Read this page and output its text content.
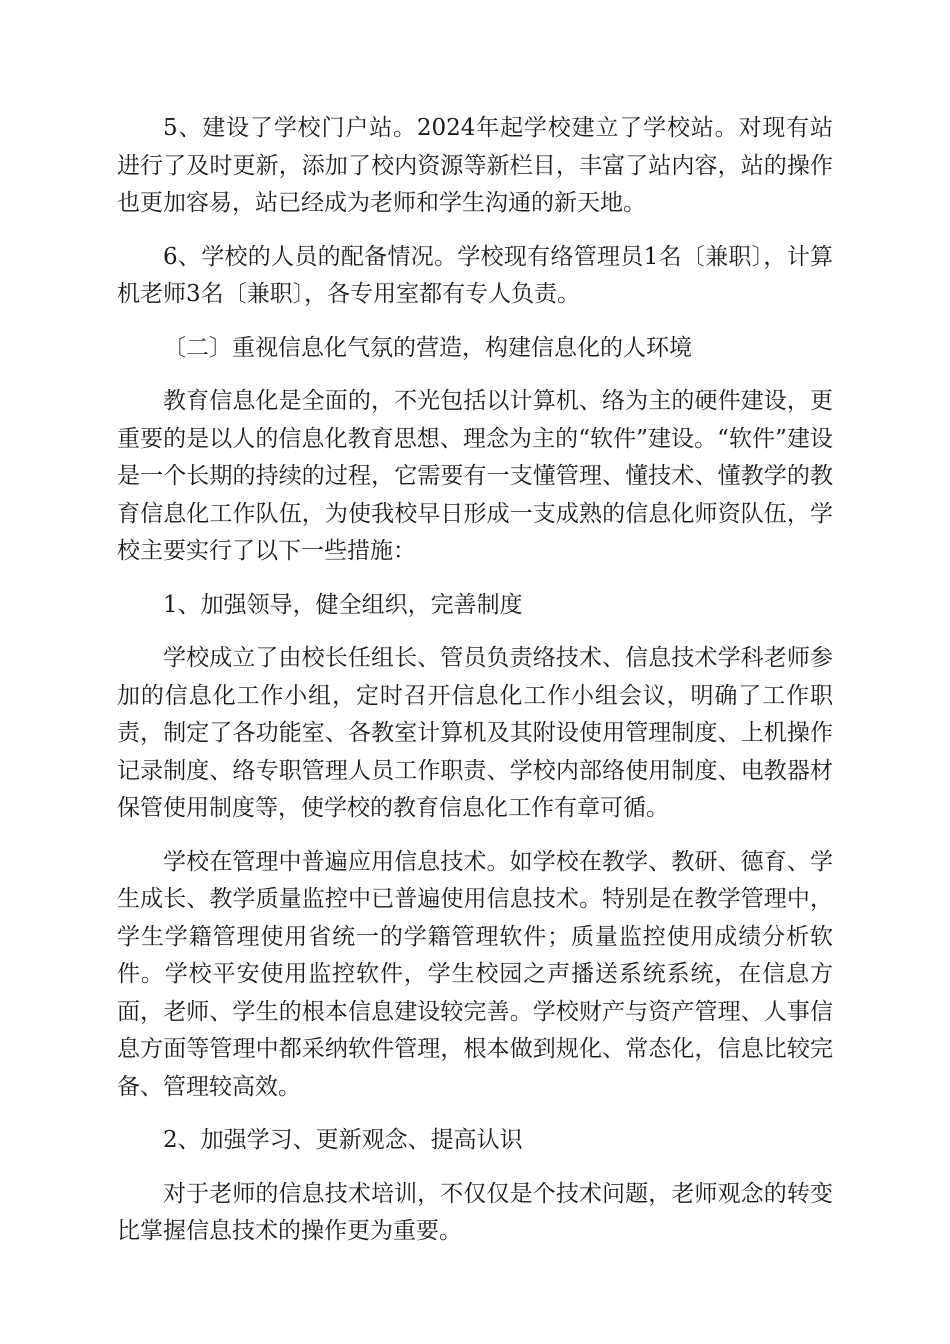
5、建设了学校门户站。2024年起学校建立了学校站。对现有站进行了及时更新，添加了校内资源等新栏目，丰富了站内容，站的操作也更加容易，站已经成为老师和学生沟通的新天地。

6、学校的人员的配备情况。学校现有络管理员1名〔兼职〕，计算机老师3名〔兼职〕，各专用室都有专人负责。

〔二〕重视信息化气氛的营造，构建信息化的人环境

教育信息化是全面的，不光包括以计算机、络为主的硬件建设，更重要的是以人的信息化教育思想、理念为主的“软件”建设。“软件”建设是一个长期的持续的过程，它需要有一支懂管理、懂技术、懂教学的教育信息化工作队伍，为使我校早日形成一支成熟的信息化师资队伍，学校主要实行了以下一些措施：

1、加强领导，健全组织，完善制度

学校成立了由校长任组长、管员负责络技术、信息技术学科老师参加的信息化工作小组，定时召开信息化工作小组会议，明确了工作职责，制定了各功能室、各教室计算机及其附设使用管理制度、上机操作记录制度、络专职管理人员工作职责、学校内部络使用制度、电教器材保管使用制度等，使学校的教育信息化工作有章可循。

学校在管理中普遍应用信息技术。如学校在教学、教研、德育、学生成长、教学质量监控中已普遍使用信息技术。特别是在教学管理中，学生学籍管理使用省统一的学籍管理软件；质量监控使用成绩分析软件。学校平安使用监控软件，学生校园之声播送系统系统，在信息方面，老师、学生的根本信息建设较完善。学校财产与资产管理、人事信息方面等管理中都采纳软件管理，根本做到规化、常态化，信息比较完备、管理较高效。

2、加强学习、更新观念、提高认识

对于老师的信息技术培训，不仅仅是个技术问题，老师观念的转变比掌握信息技术的操作更为重要。
